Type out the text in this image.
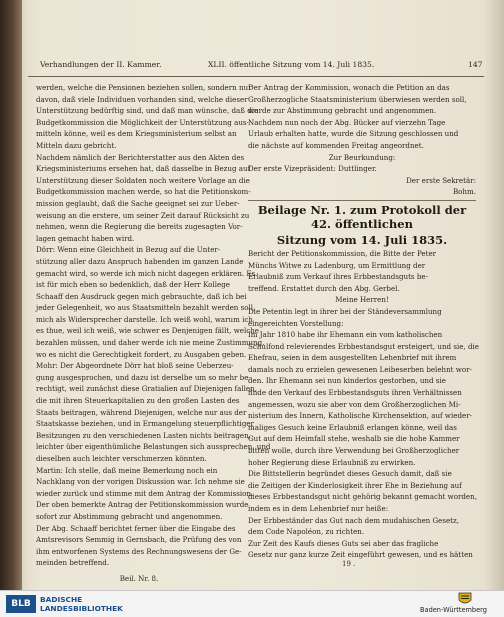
Verhandlungen der II. Kammer.	XLII. öffentliche Sitzung vom 14. Juli 1835.	147
werden, welche die Pensionen beziehen sollen, sondern nur
davon, daß viele Individuen vorhanden sind, welche dieser
Unterstützung bedürftig sind, und daß man wünsche, daß die
Budgetkommission die Möglichkeit der Unterstützung aus-
mitteln könne, weil es dem Kriegsministerium selbst an
Mitteln dazu gebricht.
Nachdem nämlich der Berichterstatter aus den Akten des
Kriegsministeriums ersehen hat, daß dasselbe in Bezug auf
Unterstützung dieser Soldaten noch weitere Vorlage an die
Budgetkommission machen werde, so hat die Petitionskom-
mission geglaubt, daß die Sache geeignet sei zur Ueber-
weisung an die erstere, um seiner Zeit darauf Rücksicht zu
nehmen, wenn die Regierung die bereits zugesagten Vor-
lagen gemacht haben wird.
Dörr: Wenn eine Gleichheit in Bezug auf die Unter-
stützung aller dazu Anspruch habenden im ganzen Lande
gemacht wird, so werde ich mich nicht dagegen erklären. Es
ist für mich eben so bedenklich, daß der Herr Kollege
Schaaff den Ausdruck gegen mich gebrauchte, daß ich bei
jeder Gelegenheit, wo aus Staatsmitteln bezahlt werden soll,
mich als Widersprecher darstelle. Ich weiß wohl, warum ich
es thue, weil ich weiß, wie schwer es Denjenigen fällt, welche
bezahlen müssen, und daher werde ich nie meine Zustimmung,
wo es nicht die Gerechtigkeit fordert, zu Ausgaben geben.
Mohr: Der Abgeordnete Dörr hat bloß seine Ueberzeu-
gung ausgesprochen, und dazu ist derselbe um so mehr be-
rechtigt, weil zunächst diese Gratialien auf Diejenigen fallen,
die mit ihren Steuerkapitalien zu den großen Lasten des
Staats beitragen, während Diejenigen, welche nur aus der
Staatskasse beziehen, und in Ermangelung steuerpflichtiger
Besitzungen zu den verschiedenen Lasten nichts beitragen,
leichter über eigenthümliche Belastungen sich aussprechen, und
dieselben auch leichter verschmerzen könnten.
Martin: Ich stelle, daß meine Bemerkung noch ein
Nachklang von der vorigen Diskussion war. Ich nehme sie
wieder zurück und stimme mit dem Antrag der Kommission.
Der oben bemerkte Antrag der Petitionskommission wurde
sofort zur Abstimmung gebracht und angenommen.
Der Abg. Schaaff berichtet ferner über die Eingabe des
Amtsrevisors Semmig in Gernsbach, die Prüfung des von
ihm entworfenen Systems des Rechnungswesens der Ge-
meinden betreffend.
Beil. Nr. 8.
Der Antrag der Kommission, wonach die Petition an das
Großherzogliche Staatsministerium überwiesen werden soll,
wurde zur Abstimmung gebracht und angenommen.
Nachdem nun noch der Abg. Bücker auf vierzehn Tage
Urlaub erhalten hatte, wurde die Sitzung geschlossen und
die nächste auf kommenden Freitag angeordnet.
Zur Beurkundung:
Der erste Vizepräsident: Duttlinger.
Der erste Sekretär:
Bohm.
Beilage Nr. 1. zum Protokoll der 42. öffentlichen
Sitzung vom 14. Juli 1835.
Bericht der Petitionskommission, die Bitte der Peter
Münchs Witwe zu Ladenburg, um Ermittlung der
Erlaubniß zum Verkauf ihres Erbbestandsguts be-
treffend. Erstattet durch den Abg. Gerbel.
Meine Herren!
Die Petentin legt in ihrer bei der Ständeversammlung
eingereichten Vorstellung:
Im Jahr 1810 habe ihr Ehemann ein vom katholischen
Schulfond relevierendes Erbbestandsgut ersteigert, und sie, die
Ehefrau, seien in dem ausgestellten Lehenbrief mit ihrem
damals noch zu erzielen gewesenen Leibeserben belehnt wor-
den. Ihr Ehemann sei nun kinderlos gestorben, und sie
finde den Verkauf des Erbbestandsguts ihren Verhältnissen
angemessen, wozu sie aber von dem Großherzoglichen Mi-
nisterium des Innern, Katholische Kirchensektion, auf wieder-
maliges Gesuch keine Erlaubniß erlangen könne, weil das
Gut auf dem Heimfall stehe, weshalb sie die hohe Kammer
bitten wolle, durch ihre Verwendung bei Großherzoglicher
hoher Regierung diese Erlaubniß zu erwirken.
Die Bittstellerin begründet dieses Gesuch damit, daß sie
die Zeitigen der Kinderlosigkeit ihrer Ehe in Beziehung auf
dieses Erbbestandsgut nicht gehörig bekannt gemacht worden,
indem es in dem Lehenbrief nur heiße:
Der Erbbeständer das Gut nach dem mudahischen Gesetz,
dem Code Napoléon, zu richten.
Zur Zeit des Kaufs dieses Guts sei aber das fragliche
Gesetz nur ganz kurze Zeit eingeführt gewesen, und es hätten
19 .
BLB	BADISCHE
LANDESBIBLIOTHEK	Baden-Württemberg
